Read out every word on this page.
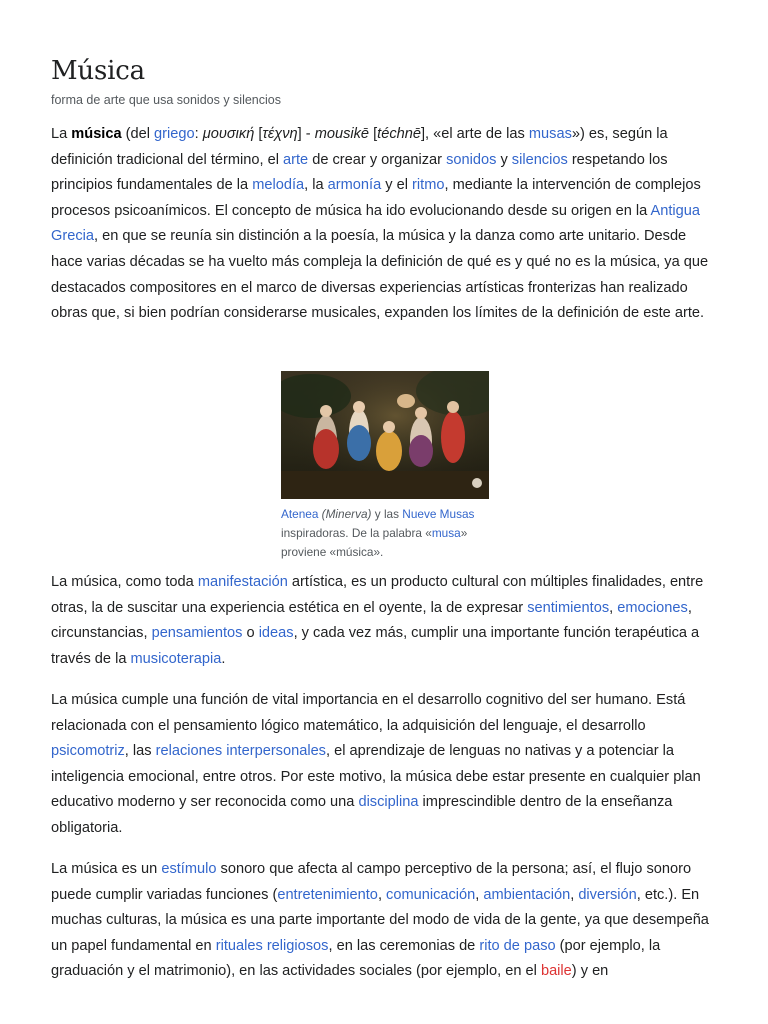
Música
forma de arte que usa sonidos y silencios

La música (del griego: μουσική [τέχνη] - mousikē [téchnē], «el arte de las musas») es, según la definición tradicional del término, el arte de crear y organizar sonidos y silencios respetando los principios fundamentales de la melodía, la armonía y el ritmo, mediante la intervención de complejos procesos psicoanímicos. El concepto de música ha ido evolucionando desde su origen en la Antigua Grecia, en que se reunía sin distinción a la poesía, la música y la danza como arte unitario. Desde hace varias décadas se ha vuelto más compleja la definición de qué es y qué no es la música, ya que destacados compositores en el marco de diversas experiencias artísticas fronterizas han realizado obras que, si bien podrían considerarse musicales, expanden los límites de la definición de este arte.

Atenea (Minerva) y las Nueve Musas inspiradoras. De la palabra «musa» proviene «música».

La música, como toda manifestación artística, es un producto cultural con múltiples finalidades, entre otras, la de suscitar una experiencia estética en el oyente, la de expresar sentimientos, emociones, circunstancias, pensamientos o ideas, y cada vez más, cumplir una importante función terapéutica a través de la musicoterapia.

La música cumple una función de vital importancia en el desarrollo cognitivo del ser humano. Está relacionada con el pensamiento lógico matemático, la adquisición del lenguaje, el desarrollo psicomotriz, las relaciones interpersonales, el aprendizaje de lenguas no nativas y a potenciar la inteligencia emocional, entre otros. Por este motivo, la música debe estar presente en cualquier plan educativo moderno y ser reconocida como una disciplina imprescindible dentro de la enseñanza obligatoria.

La música es un estímulo sonoro que afecta al campo perceptivo de la persona; así, el flujo sonoro puede cumplir variadas funciones (entretenimiento, comunicación, ambientación, diversión, etc.). En muchas culturas, la música es una parte importante del modo de vida de la gente, ya que desempeña un papel fundamental en rituales religiosos, en las ceremonias de rito de paso (por ejemplo, la graduación y el matrimonio), en las actividades sociales (por ejemplo, en el baile) y en
